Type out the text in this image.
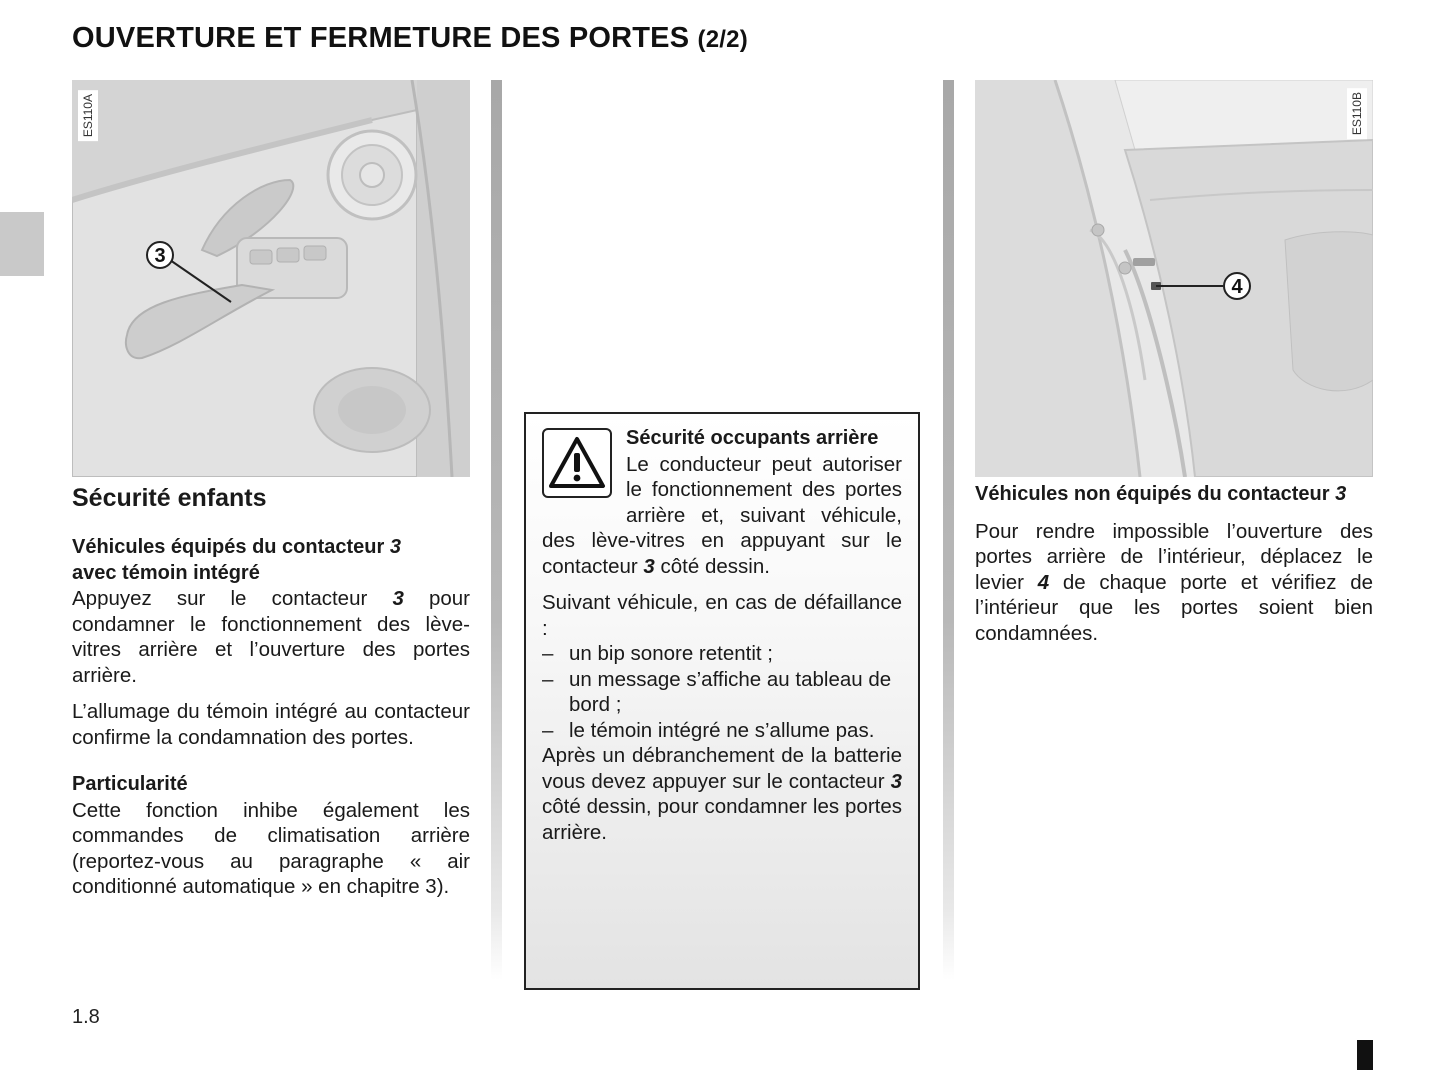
OUVERTURE ET FERMETURE DES PORTES (2/2)
3
ES110A
4
ES110B
Sécurité enfants

Véhicules équipés du contacteur 3
avec témoin intégré

Appuyez sur le contacteur 3 pour condamner le fonctionnement des lève-vitres arrière et l’ouverture des portes arrière.

L’allumage du témoin intégré au contacteur confirme la condamnation des portes.

Particularité

Cette fonction inhibe également les commandes de climatisation arrière (reportez-vous au paragraphe « air conditionné automatique » en chapitre 3).

Sécurité occupants arrière

Le conducteur peut autoriser le fonctionnement des portes arrière et, suivant véhicule, des lève-vitres en appuyant sur le contacteur 3 côté dessin.

Suivant véhicule, en cas de défaillance :

– un bip sonore retentit ;
– un message s’affiche au tableau de bord ;
– le témoin intégré ne s’allume pas.

Après un débranchement de la batterie vous devez appuyer sur le contacteur 3 côté dessin, pour condamner les portes arrière.

Véhicules non équipés du contacteur 3

Pour rendre impossible l’ouverture des portes arrière de l’intérieur, déplacez le levier 4 de chaque porte et vérifiez de l’intérieur que les portes soient bien condamnées.

1.8
